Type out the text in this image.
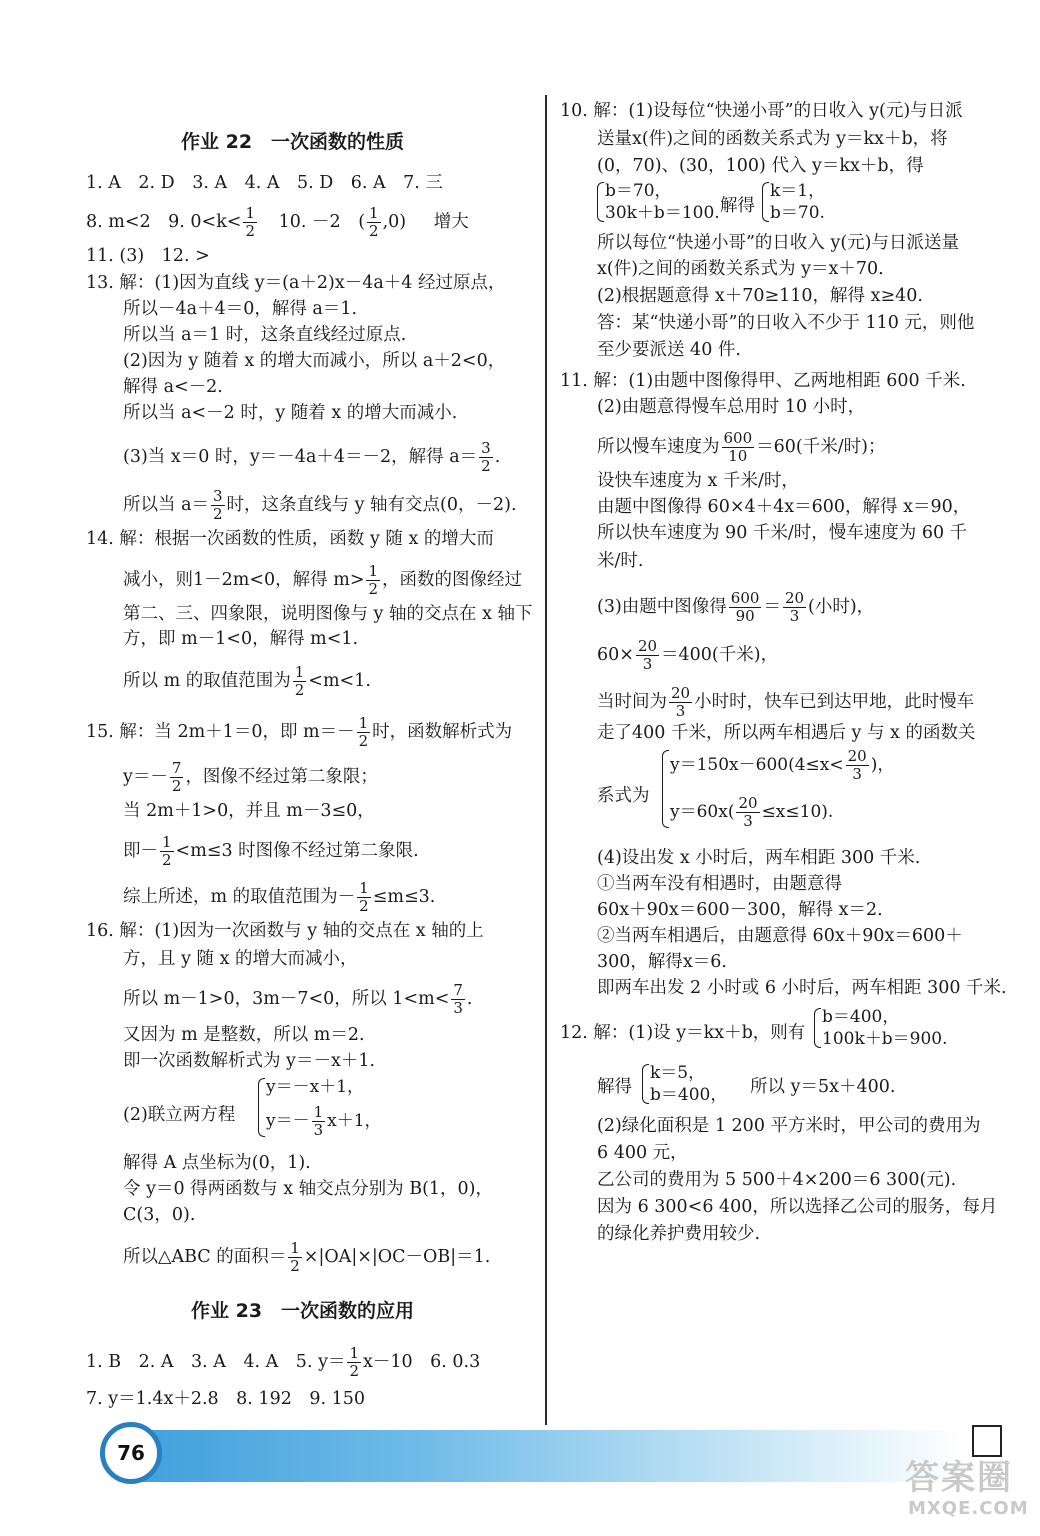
作业 22　一次函数的性质
1. A　2. D　3. A　4. A　5. D　6. A　7. 三
8. m<2　9. $0<k< \frac{1}{2} 10$. －2 ( $\frac{1}{2} ,0$) 增大
11. (3)　12. >
13. 解：(1)因为直线 y＝(a＋2)x－4a＋4 经过原点，
所以－4a＋4＝0，解得 a＝1.
所以当 a＝1 时，这条直线经过原点.
(2)因为 y 随着 x 的增大而减小，所以 a＋2<0，
解得 a<－2.
所以当 a<－2 时，y 随着 x 的增大而减小.
(3)当 x＝0 时，y＝－4a＋4＝－2，解得 $a= \frac{3}{2}$ .
所以当 $a= \frac{3}{2}$ 时，这条直线与 y 轴有交点(0，－2).
14. 解：根据一次函数的性质，函数 y 随 x 的增大而
减小，则1－2m<0，解得 $m> \frac{1}{2}$ ，函数的图像经过
第二、三、四象限，说明图像与 y 轴的交点在 x 轴下
方，即 m－1<0，解得 m<1.
所以 m 的取值范围为 $\frac{1}{2} <m<1$.
15. 解：当 2m＋1＝0，即 $m=- \frac{1}{2}$ 时，函数解析式为
$y=- \frac{7}{2}$ ，图像不经过第二象限；
当 2m＋1>0，并且 m－3≤0，
即－ $\frac{1}{2} <m\le 3$ 时图像不经过第二象限.
综上所述，m 的取值范围为－ $\frac{1}{2} \le m\le 3$.
16. 解：(1)因为一次函数与 y 轴的交点在 x 轴的上
方，且 y 随 x 的增大而减小，
所以 m－1>0，3m－7<0，所以 $1<m< \frac{7}{3}$ .
又因为 m 是整数，所以 m＝2.
即一次函数解析式为 y＝－x＋1.
(2)联立两方程
y＝－x＋1，
$y=- \frac{1}{3} x+1$，
解得 A 点坐标为(0，1).
令 y＝0 得两函数与 x 轴交点分别为 B(1，0)，
C(3，0).
所以△ABC 的面积＝ $\frac{1}{2} \times|OA|\times|OC-OB|=1$.
作业 23　一次函数的应用
1. B　2. A　3. A　4. A　5. $y= \frac{1}{2} x-10$　6. 0.3
7. y＝1.4x＋2.8　8. 192　9. 150
10. 解：(1)设每位“快递小哥”的日收入 y(元)与日派
送量x(件)之间的函数关系式为 y＝kx＋b，将
(0，70)、(30，100) 代入 y＝kx＋b，得
b＝70，
30k＋b＝100. 解得
k＝1，
b＝70.
所以每位“快递小哥”的日收入 y(元)与日派送量
x(件)之间的函数关系式为 y＝x＋70.
(2)根据题意得 x＋70≥110，解得 x≥40.
答：某“快递小哥”的日收入不少于 110 元，则他
至少要派送 40 件.
11. 解：(1)由题中图像得甲、乙两地相距 600 千米.
(2)由题意得慢车总用时 10 小时，
所以慢车速度为 $\frac{600}{10} =60$(千米/时)；
设快车速度为 x 千米/时，
由题中图像得 60×4＋4x＝600，解得 x＝90，
所以快车速度为 90 千米/时，慢车速度为 60 千
米/时.
(3)由题中图像得 $\frac{600}{90} = \frac{20}{3}$ (小时)，
$60\times \frac{20}{3} =400$(千米)，
当时间为 $\frac{20}{3}$ 小时时，快车已到达甲地，此时慢车
走了400 千米，所以两车相遇后 y 与 x 的函数关
系式为
$y=150x-600(4\le x< \frac{20}{3}$ )，
$y=60x( \frac{20}{3} \le x\le 10)$.
(4)设出发 x 小时后，两车相距 300 千米.
①当两车没有相遇时，由题意得
60x＋90x＝600－300，解得 x＝2.
②当两车相遇后，由题意得 60x＋90x＝600＋
300，解得x＝6.
即两车出发 2 小时或 6 小时后，两车相距 300 千米.
12. 解：(1)设 y＝kx＋b，则有
b＝400，
100k＋b＝900.
解得
k＝5，
b＝400， 所以 y＝5x＋400.
(2)绿化面积是 1 200 平方米时，甲公司的费用为
6 400 元，
乙公司的费用为 5 500＋4×200＝6 300(元).
因为 6 300<6 400，所以选择乙公司的服务，每月
的绿化养护费用较少.
76
答案圈
MXQE.COM
